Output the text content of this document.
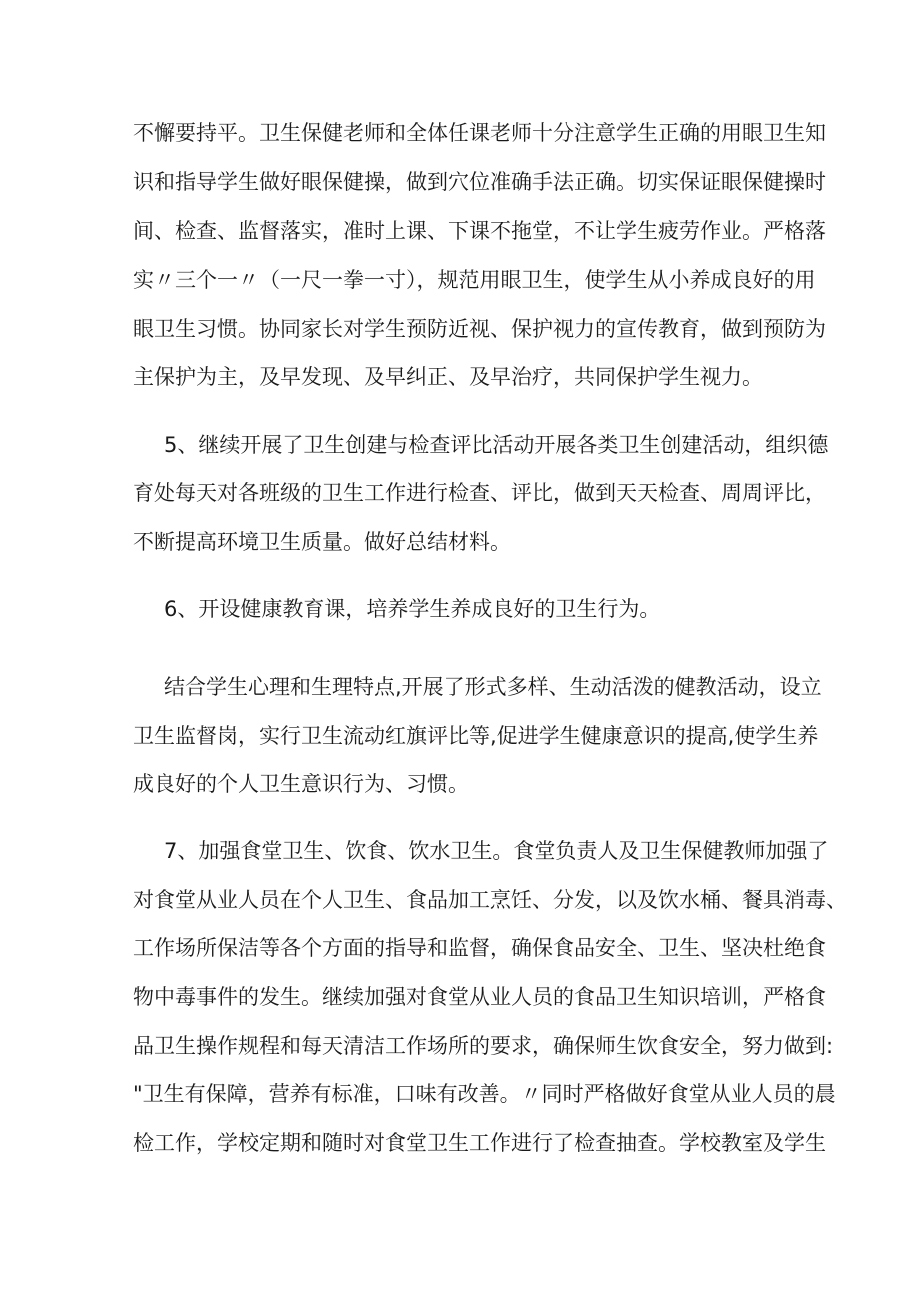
不懈要持平。卫生保健老师和全体任课老师十分注意学生正确的用眼卫生知
识和指导学生做好眼保健操，做到穴位准确手法正确。切实保证眼保健操时
间、检查、监督落实，准时上课、下课不拖堂，不让学生疲劳作业。严格落
实〃三个一〃（一尺一拳一寸），规范用眼卫生，使学生从小养成良好的用
眼卫生习惯。协同家长对学生预防近视、保护视力的宣传教育，做到预防为
主保护为主，及早发现、及早纠正、及早治疗，共同保护学生视力。
5、继续开展了卫生创建与检查评比活动开展各类卫生创建活动，组织德
育处每天对各班级的卫生工作进行检查、评比，做到天天检查、周周评比，
不断提高环境卫生质量。做好总结材料。
6、开设健康教育课，培养学生养成良好的卫生行为。
结合学生心理和生理特点,开展了形式多样、生动活泼的健教活动，设立
卫生监督岗，实行卫生流动红旗评比等,促进学生健康意识的提高,使学生养
成良好的个人卫生意识行为、习惯。
7、加强食堂卫生、饮食、饮水卫生。食堂负责人及卫生保健教师加强了
对食堂从业人员在个人卫生、食品加工烹饪、分发，以及饮水桶、餐具消毒、
工作场所保洁等各个方面的指导和监督，确保食品安全、卫生、坚决杜绝食
物中毒事件的发生。继续加强对食堂从业人员的食品卫生知识培训，严格食
品卫生操作规程和每天清洁工作场所的要求，确保师生饮食安全，努力做到:
"卫生有保障，营养有标准，口味有改善。〃同时严格做好食堂从业人员的晨
检工作，学校定期和随时对食堂卫生工作进行了检查抽查。学校教室及学生
